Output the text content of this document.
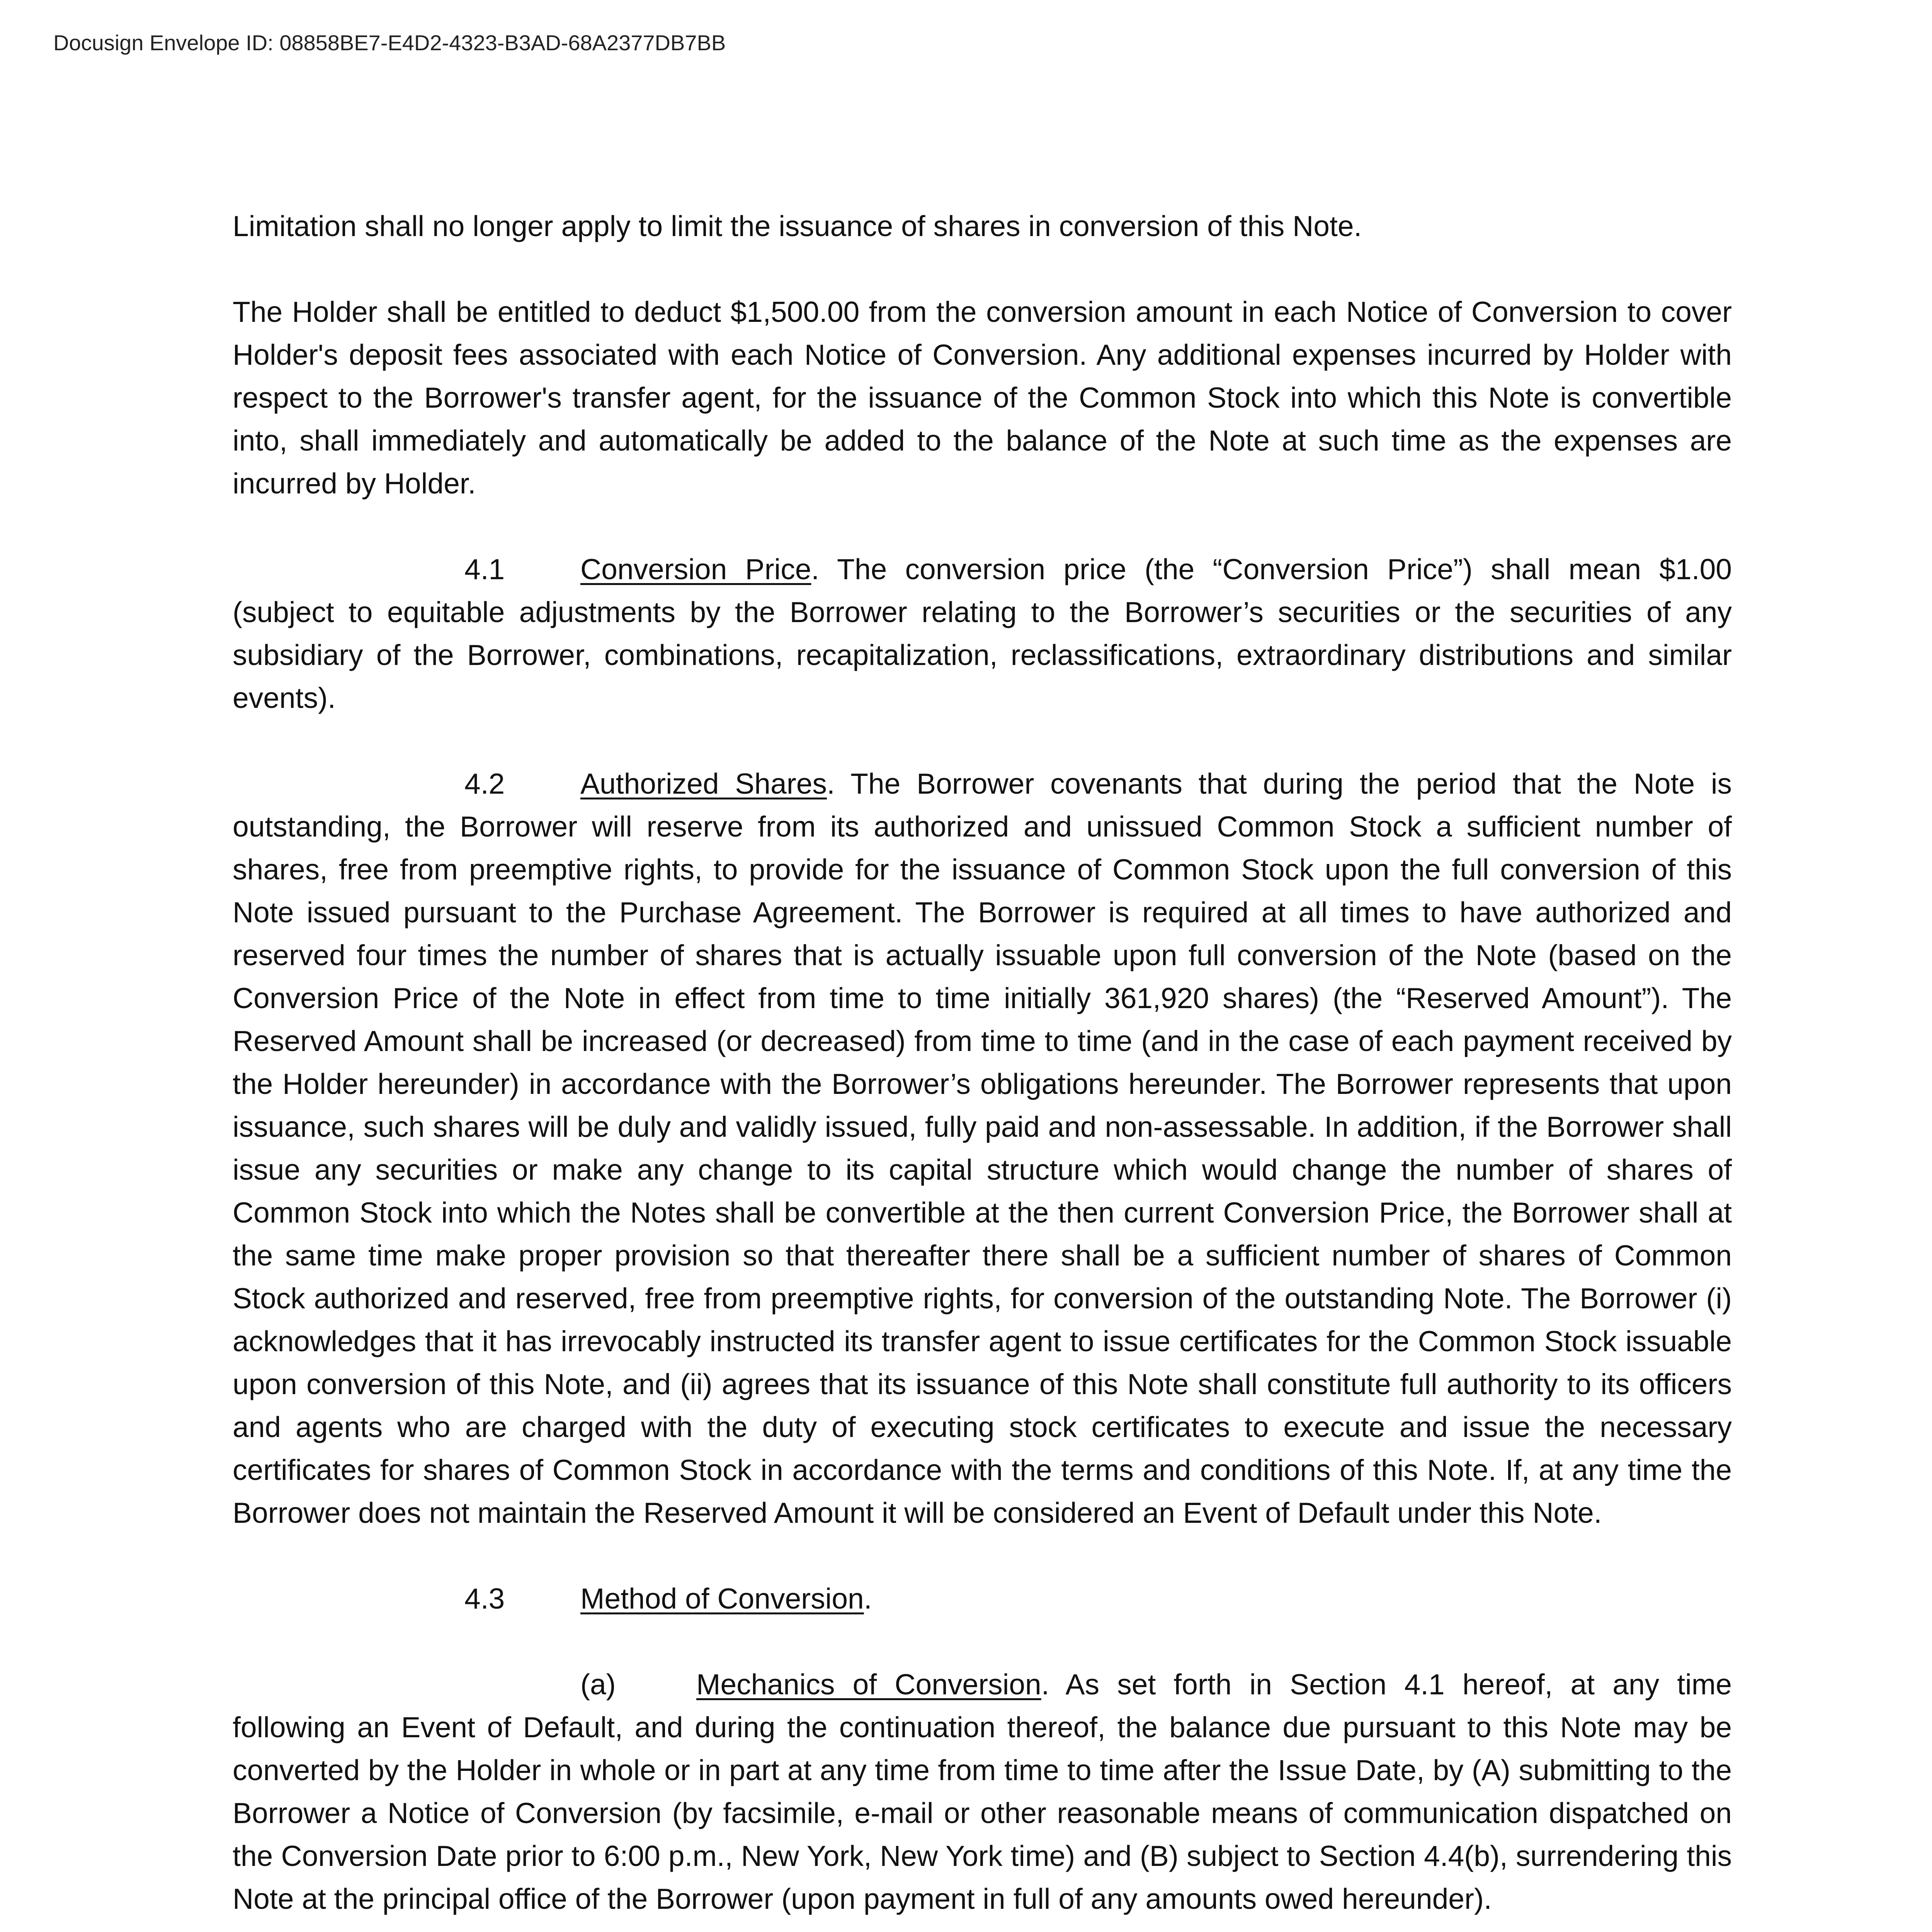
Docusign Envelope ID: 08858BE7-E4D2-4323-B3AD-68A2377DB7BB

Limitation shall no longer apply to limit the issuance of shares in conversion of this Note.

The Holder shall be entitled to deduct $1,500.00 from the conversion amount in each Notice of Conversion to cover Holder's deposit fees associated with each Notice of Conversion. Any additional expenses incurred by Holder with respect to the Borrower's transfer agent, for the issuance of the Common Stock into which this Note is convertible into, shall immediately and automatically be added to the balance of the Note at such time as the expenses are incurred by Holder.

4.1	Conversion Price. The conversion price (the “Conversion Price”) shall mean $1.00 (subject to equitable adjustments by the Borrower relating to the Borrower’s securities or the securities of any subsidiary of the Borrower, combinations, recapitalization, reclassifications, extraordinary distributions and similar events).

4.2	Authorized Shares. The Borrower covenants that during the period that the Note is outstanding, the Borrower will reserve from its authorized and unissued Common Stock a sufficient number of shares, free from preemptive rights, to provide for the issuance of Common Stock upon the full conversion of this Note issued pursuant to the Purchase Agreement. The Borrower is required at all times to have authorized and reserved four times the number of shares that is actually issuable upon full conversion of the Note (based on the Conversion Price of the Note in effect from time to time initially 361,920 shares) (the “Reserved Amount”). The Reserved Amount shall be increased (or decreased) from time to time (and in the case of each payment received by the Holder hereunder) in accordance with the Borrower’s obligations hereunder. The Borrower represents that upon issuance, such shares will be duly and validly issued, fully paid and non-assessable. In addition, if the Borrower shall issue any securities or make any change to its capital structure which would change the number of shares of Common Stock into which the Notes shall be convertible at the then current Conversion Price, the Borrower shall at the same time make proper provision so that thereafter there shall be a sufficient number of shares of Common Stock authorized and reserved, free from preemptive rights, for conversion of the outstanding Note. The Borrower (i) acknowledges that it has irrevocably instructed its transfer agent to issue certificates for the Common Stock issuable upon conversion of this Note, and (ii) agrees that its issuance of this Note shall constitute full authority to its officers and agents who are charged with the duty of executing stock certificates to execute and issue the necessary certificates for shares of Common Stock in accordance with the terms and conditions of this Note. If, at any time the Borrower does not maintain the Reserved Amount it will be considered an Event of Default under this Note.

4.3	Method of Conversion.

(a)	Mechanics of Conversion. As set forth in Section 4.1 hereof, at any time following an Event of Default, and during the continuation thereof, the balance due pursuant to this Note may be converted by the Holder in whole or in part at any time from time to time after the Issue Date, by (A) submitting to the Borrower a Notice of Conversion (by facsimile, e-mail or other reasonable means of communication dispatched on the Conversion Date prior to 6:00 p.m., New York, New York time) and (B) subject to Section 4.4(b), surrendering this Note at the principal office of the Borrower (upon payment in full of any amounts owed hereunder).
